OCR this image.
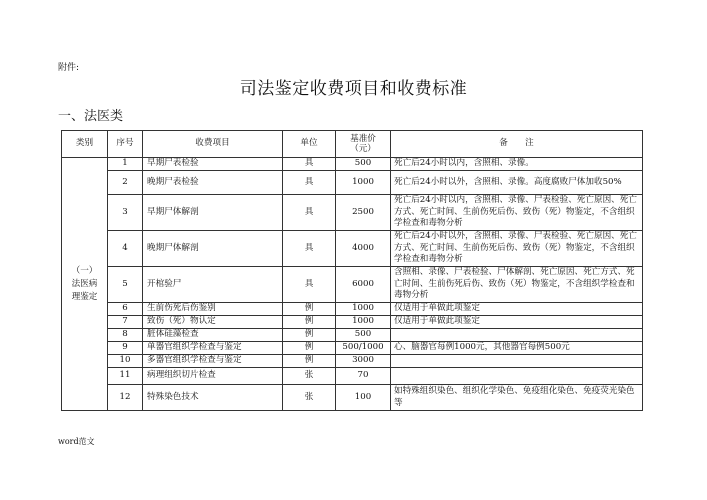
附件:
司法鉴定收费项目和收费标准
一、法医类
类别	序号	收费项目	单位	基准价
（元）	备　　注

（一）
法医病
理鉴定	1	早期尸表检验	具	500	死亡后24小时以内，含照相、录像。
	2	晚期尸表检验	具	1000	死亡后24小时以外，含照相、录像。高度腐败尸体加收50%
	3	早期尸体解剖	具	2500	死亡后24小时以内，含照相、录像、尸表检验、死亡原因、死亡方式、死亡时间、生前伤死后伤、致伤（死）物鉴定，不含组织学检查和毒物分析
	4	晚期尸体解剖	具	4000	死亡后24小时以外，含照相、录像、尸表检验、死亡原因、死亡方式、死亡时间、生前伤死后伤、致伤（死）物鉴定，不含组织学检查和毒物分析
	5	开棺验尸	具	6000	含照相、录像、尸表检验、尸体解剖、死亡原因、死亡方式、死亡时间、生前伤死后伤、致伤（死）物鉴定，不含组织学检查和毒物分析
	6	生前伤死后伤鉴别	例	1000	仅适用于单做此项鉴定
	7	致伤（死）物认定	例	1000	仅适用于单做此项鉴定
	8	脏体硅藻检查	例	500	
	9	单器官组织学检查与鉴定	例	500/1000	心、脑器官每例1000元，其他器官每例500元
	10	多器官组织学检查与鉴定	例	3000	
	11	病理组织切片检查	张	70	
	12	特殊染色技术	张	100	如特殊组织染色、组织化学染色、免疫组化染色、免疫荧光染色等
word范文
